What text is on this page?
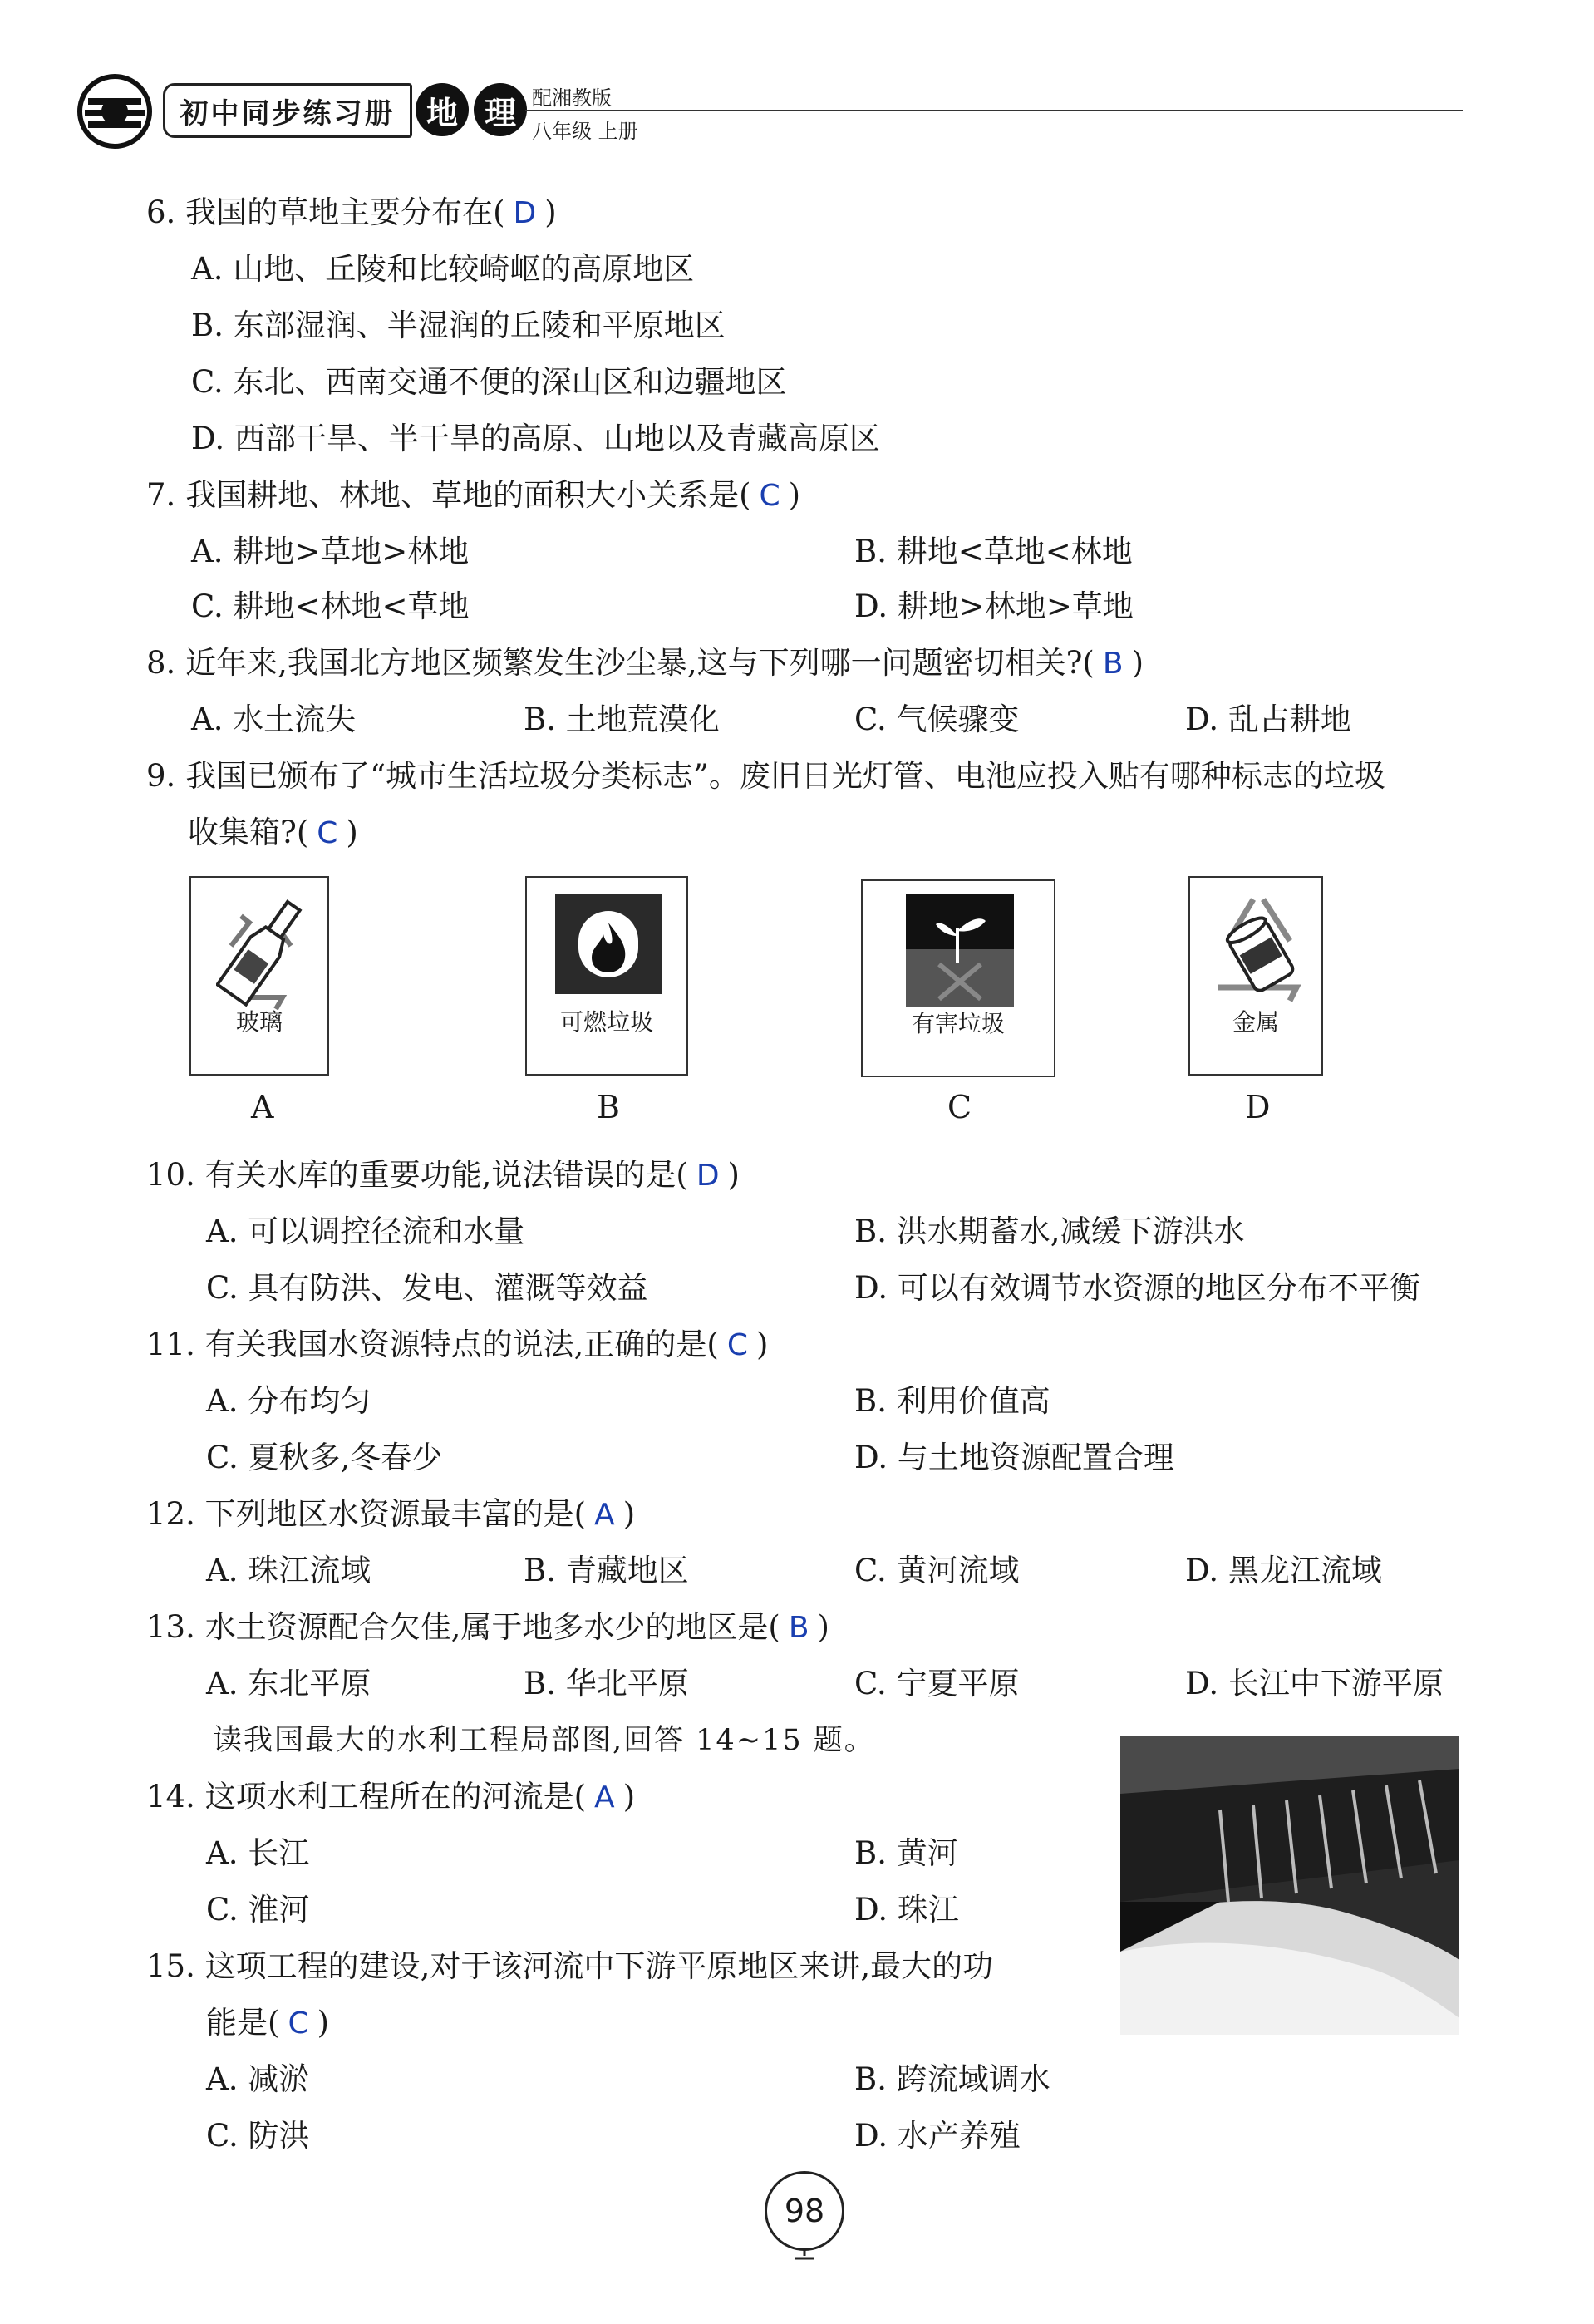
初中同步练习册 地 理 配湘教版
八年级 上册
6. 我国的草地主要分布在( D )
A. 山地、丘陵和比较崎岖的高原地区
B. 东部湿润、半湿润的丘陵和平原地区
C. 东北、西南交通不便的深山区和边疆地区
D. 西部干旱、半干旱的高原、山地以及青藏高原区
7. 我国耕地、林地、草地的面积大小关系是( C )
A. 耕地>草地>林地	B. 耕地<草地<林地
C. 耕地<林地<草地	D. 耕地>林地>草地
8. 近年来,我国北方地区频繁发生沙尘暴,这与下列哪一问题密切相关?( B )
A. 水土流失	B. 土地荒漠化	C. 气候骤变	D. 乱占耕地
9. 我国已颁布了“城市生活垃圾分类标志”。废旧日光灯管、电池应投入贴有哪种标志的垃圾
收集箱?( C )
玻璃	可燃垃圾	有害垃圾	金属
A	B	C	D
10. 有关水库的重要功能,说法错误的是( D )
A. 可以调控径流和水量	B. 洪水期蓄水,减缓下游洪水
C. 具有防洪、发电、灌溉等效益	D. 可以有效调节水资源的地区分布不平衡
11. 有关我国水资源特点的说法,正确的是( C )
A. 分布均匀	B. 利用价值高
C. 夏秋多,冬春少	D. 与土地资源配置合理
12. 下列地区水资源最丰富的是( A )
A. 珠江流域	B. 青藏地区	C. 黄河流域	D. 黑龙江流域
13. 水土资源配合欠佳,属于地多水少的地区是( B )
A. 东北平原	B. 华北平原	C. 宁夏平原	D. 长江中下游平原
读我国最大的水利工程局部图,回答 14~15 题。
14. 这项水利工程所在的河流是( A )
A. 长江	B. 黄河
C. 淮河	D. 珠江
15. 这项工程的建设,对于该河流中下游平原地区来讲,最大的功
能是( C )
A. 减淤	B. 跨流域调水
C. 防洪	D. 水产养殖
98
